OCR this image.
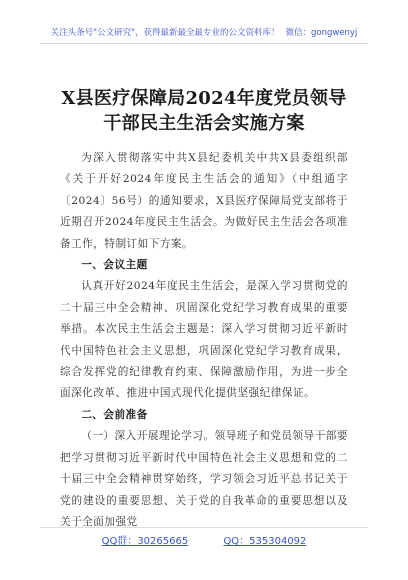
关注头条号"公文研究"，获得最新最全最专业的公文资料库！ 微信：gongwenyj
X县医疗保障局2024年度党员领导干部民主生活会实施方案

为深入贯彻落实中共X县纪委机关中共X县委组织部《关于开好2024年度民主生活会的通知》（中组通字〔2024〕56号）的通知要求，X县医疗保障局党支部将于近期召开2024年度民主生活会。为做好民主生活会各项准备工作，特制订如下方案。

一、会议主题

认真开好2024年度民主生活会，是深入学习贯彻党的二十届三中全会精神、巩固深化党纪学习教育成果的重要举措。本次民主生活会主题是：深入学习贯彻习近平新时代中国特色社会主义思想，巩固深化党纪学习教育成果，综合发挥党的纪律教育约束、保障激励作用，为进一步全面深化改革、推进中国式现代化提供坚强纪律保证。

二、会前准备

（一）深入开展理论学习。领导班子和党员领导干部要把学习贯彻习近平新时代中国特色社会主义思想和党的二十届三中全会精神贯穿始终，学习领会习近平总书记关于党的建设的重要思想、关于党的自我革命的重要思想以及关于全面加强党

QQ群：30265665	QQ：535304092
